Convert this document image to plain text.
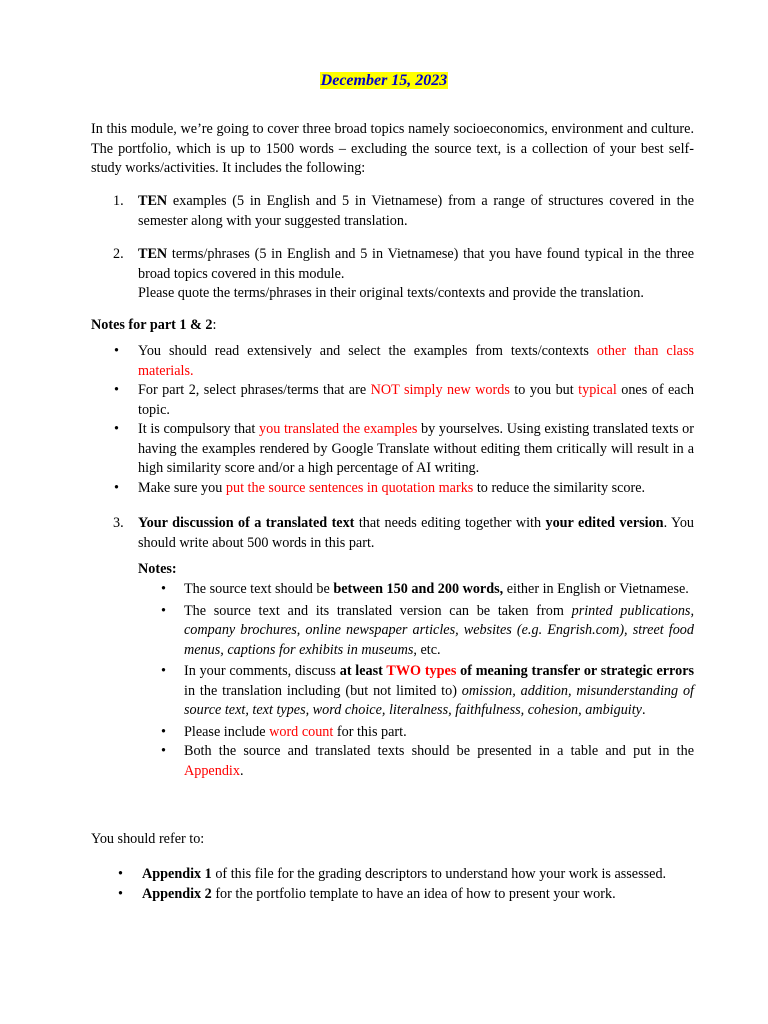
December 15, 2023
In this module, we’re going to cover three broad topics namely socioeconomics, environment and culture. The portfolio, which is up to 1500 words – excluding the source text, is a collection of your best self-study works/activities. It includes the following:
1. TEN examples (5 in English and 5 in Vietnamese) from a range of structures covered in the semester along with your suggested translation.
2. TEN terms/phrases (5 in English and 5 in Vietnamese) that you have found typical in the three broad topics covered in this module.
Please quote the terms/phrases in their original texts/contexts and provide the translation.
Notes for part 1 & 2:
• You should read extensively and select the examples from texts/contexts other than class materials.
• For part 2, select phrases/terms that are NOT simply new words to you but typical ones of each topic.
• It is compulsory that you translated the examples by yourselves. Using existing translated texts or having the examples rendered by Google Translate without editing them critically will result in a high similarity score and/or a high percentage of AI writing.
• Make sure you put the source sentences in quotation marks to reduce the similarity score.
3. Your discussion of a translated text that needs editing together with your edited version. You should write about 500 words in this part.
Notes:
• The source text should be between 150 and 200 words, either in English or Vietnamese.
• The source text and its translated version can be taken from printed publications, company brochures, online newspaper articles, websites (e.g. Engrish.com), street food menus, captions for exhibits in museums, etc.
• In your comments, discuss at least TWO types of meaning transfer or strategic errors in the translation including (but not limited to) omission, addition, misunderstanding of source text, text types, word choice, literalness, faithfulness, cohesion, ambiguity.
• Please include word count for this part.
• Both the source and translated texts should be presented in a table and put in the Appendix.
You should refer to:
• Appendix 1 of this file for the grading descriptors to understand how your work is assessed.
• Appendix 2 for the portfolio template to have an idea of how to present your work.
